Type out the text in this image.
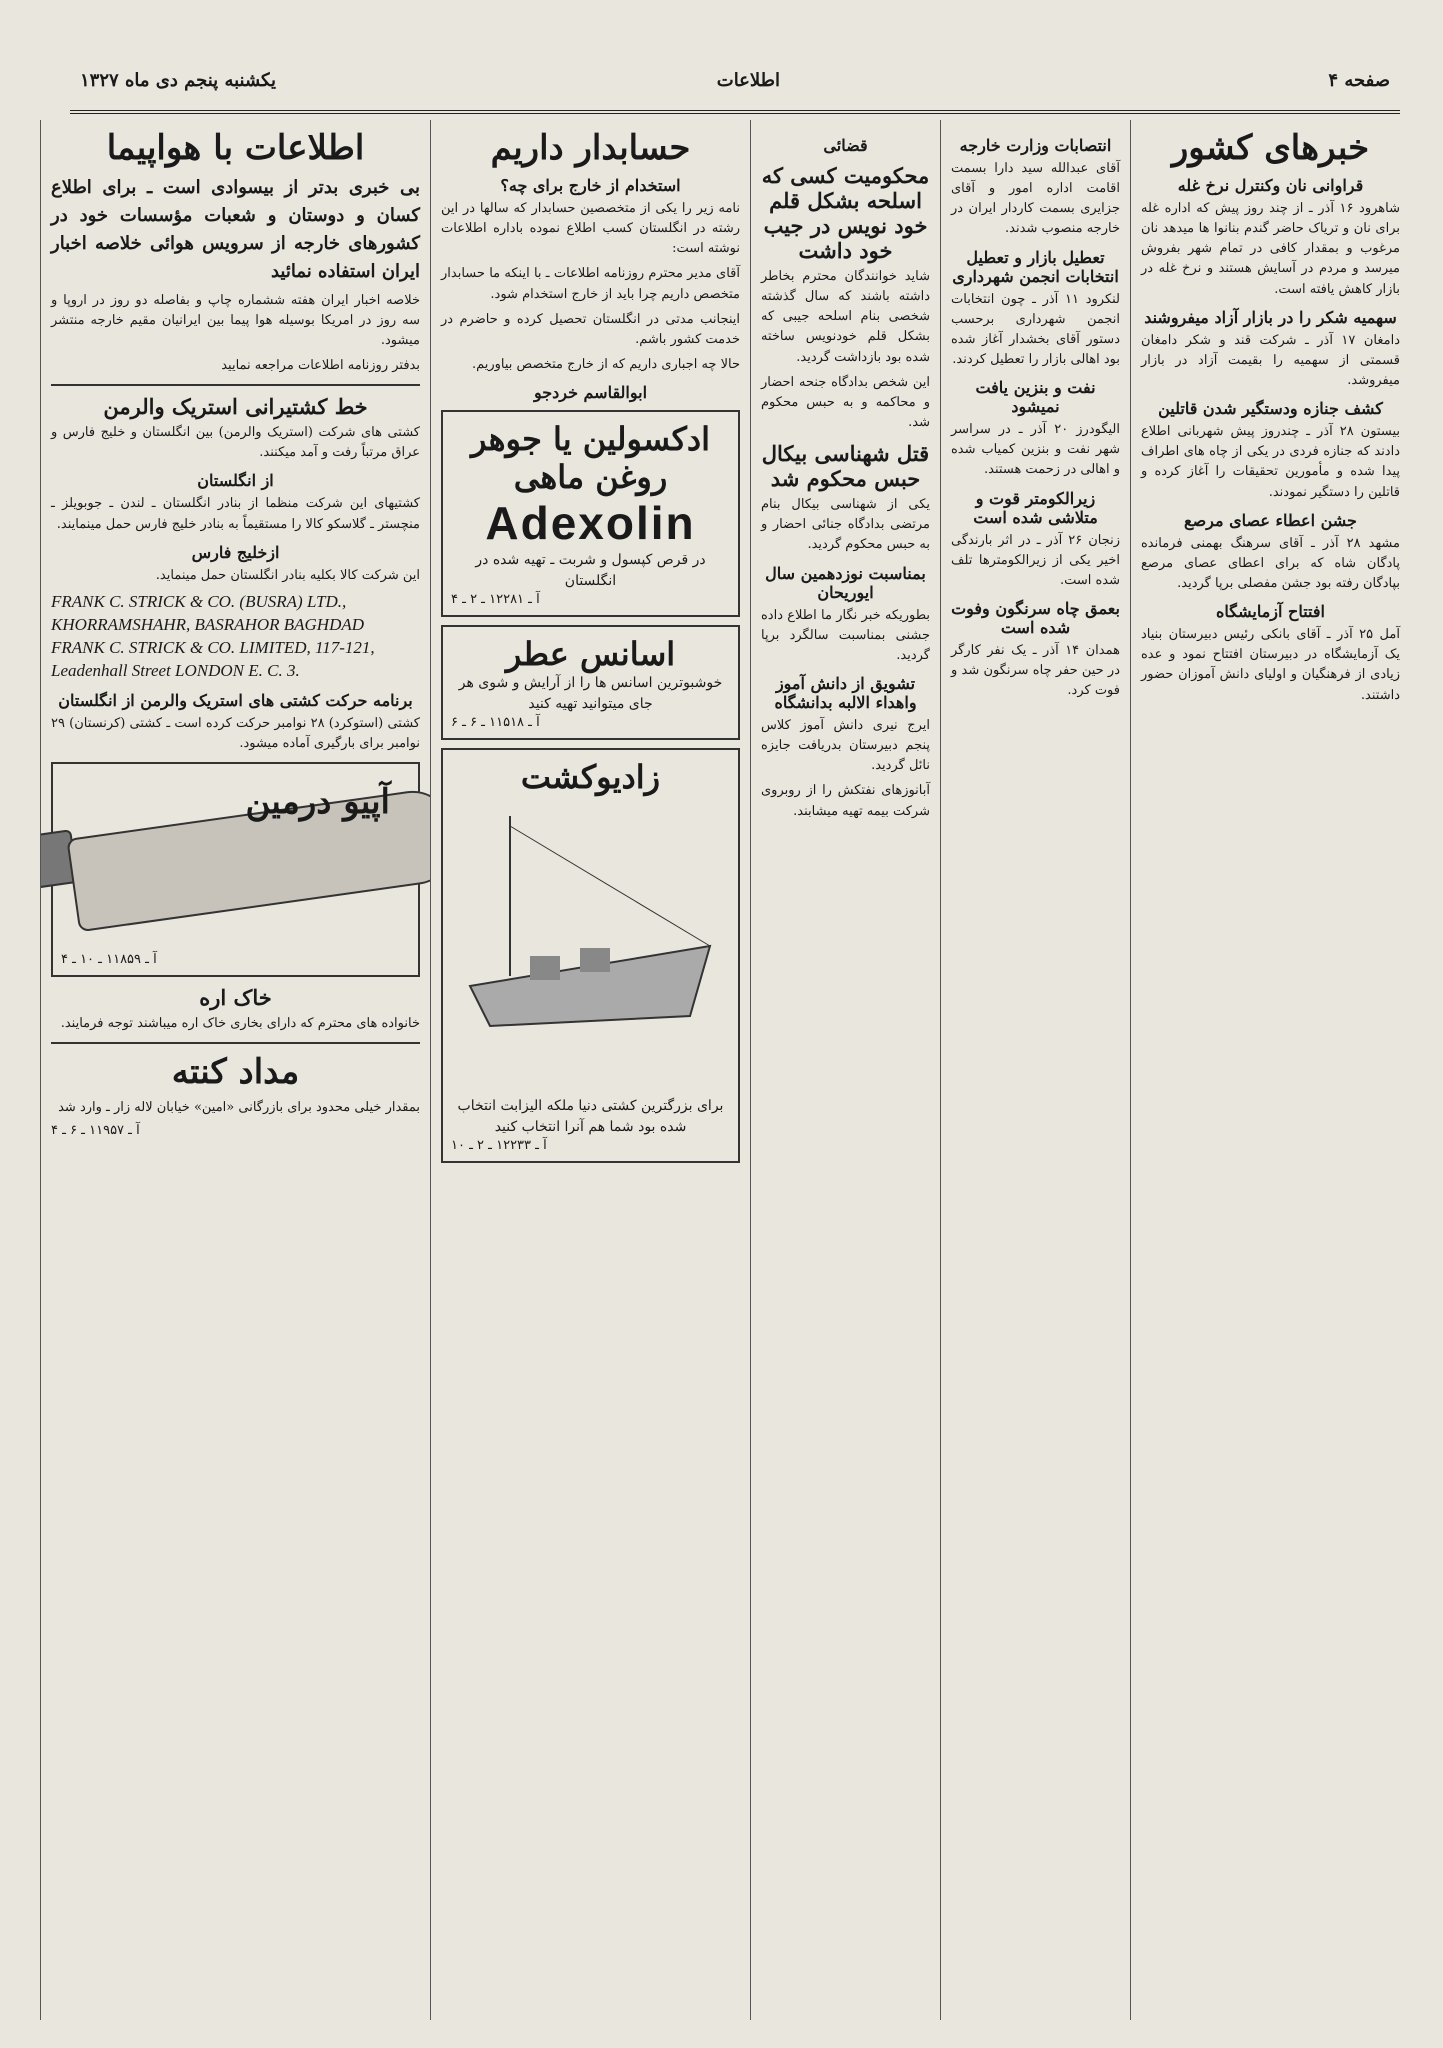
صفحه ۴
اطلاعات
یکشنبه پنجم دی ماه ۱۳۲۷
خبرهای کشور
قراوانی نان وکنترل نرخ غله

شاهرود ۱۶ آذر ـ از چند روز پیش که اداره غله برای نان و تریاک حاضر گندم بنانوا ها میدهد نان مرغوب و بمقدار کافی در تمام شهر بفروش میرسد و مردم در آسایش هستند و نرخ غله در بازار کاهش یافته است.

سهمیه شکر را در بازار آزاد میفروشند

دامغان ۱۷ آذر ـ شرکت قند و شکر دامغان قسمتی از سهمیه را بقیمت آزاد در بازار میفروشد.

کشف جنازه ودستگیر شدن قاتلین

بیستون ۲۸ آذر ـ چندروز پیش شهربانی اطلاع دادند که جنازه فردی در یکی از چاه های اطراف پیدا شده و مأمورین تحقیقات را آغاز کرده و قاتلین را دستگیر نمودند.

جشن اعطاء عصای مرصع

مشهد ۲۸ آذر ـ آقای سرهنگ بهمنی فرمانده پادگان شاه که برای اعطای عصای مرصع بپادگان رفته بود جشن مفصلی برپا گردید.

افتتاح آزمایشگاه

آمل ۲۵ آذر ـ آقای بانکی رئیس دبیرستان بنیاد یک آزمایشگاه در دبیرستان افتتاح نمود و عده زیادی از فرهنگیان و اولیای دانش آموزان حضور داشتند.

انتصابات وزارت خارجه

آقای عبدالله سید دارا بسمت اقامت اداره امور و آقای جزایری بسمت کاردار ایران در خارجه منصوب شدند.

تعطیل بازار و تعطیل انتخابات انجمن شهرداری

لنکرود ۱۱ آذر ـ چون انتخابات انجمن شهرداری برحسب دستور آقای بخشدار آغاز شده بود اهالی بازار را تعطیل کردند.

نفت و بنزین یافت نمیشود

الیگودرز ۲۰ آذر ـ در سراسر شهر نفت و بنزین کمیاب شده و اهالی در زحمت هستند.

زیرالکومتر قوت و متلاشی شده است

زنجان ۲۶ آذر ـ در اثر بارندگی اخیر یکی از زیرالکومترها تلف شده است.

بعمق چاه سرنگون وفوت شده است

همدان ۱۴ آذر ـ یک نفر کارگر در حین حفر چاه سرنگون شد و فوت کرد.

قضائی
محکومیت کسی که اسلحه بشکل قلم خود نویس در جیب خود داشت

شاید خوانندگان محترم بخاطر داشته باشند که سال گذشته شخصی بنام اسلحه جیبی که بشکل قلم خودنویس ساخته شده بود بازداشت گردید.

این شخص بدادگاه جنحه احضار و محاکمه و به حبس محکوم شد.

قتل شهناسی بیکال حبس محکوم شد

یکی از شهناسی بیکال بنام مرتضی بدادگاه جنائی احضار و به حبس محکوم گردید.

بمناسبت نوزدهمین سال ایوریحان

بطوریکه خبر نگار ما اطلاع داده جشنی بمناسبت سالگرد برپا گردید.

تشویق از دانش آموز واهداء الالبه بدانشگاه

ایرج نیری دانش آموز کلاس پنجم دبیرستان بدریافت جایزه نائل گردید.

آبانوزهای نفتکش را از روبروی شرکت بیمه تهیه میشابند.

حسابدار داریم
استخدام از خارج برای چه؟

نامه زیر را یکی از متخصصین حسابدار که سالها در این رشته در انگلستان کسب اطلاع نموده باداره اطلاعات نوشته است:

آقای مدیر محترم روزنامه اطلاعات ـ با اینکه ما حسابدار متخصص داریم چرا باید از خارج استخدام شود.

اینجانب مدتی در انگلستان تحصیل کرده و حاضرم در خدمت کشور باشم.

حالا چه اجباری داریم که از خارج متخصص بیاوریم.

ابوالقاسم خردجو
ادکسولین یا جوهر روغن ماهی
Adexolin
در قرص کپسول و شربت ـ تهیه شده در انگلستان
آ ـ ۱۲۲۸۱ ـ ۲ ـ ۴
اسانس عطر
خوشبوترین اسانس ها را از آرایش و شوی هر جای میتوانید تهیه کنید
آ ـ ۱۱۵۱۸ ـ ۶ ـ ۶
زادیوکشت
برای بزرگترین کشتی دنیا ملکه الیزابت انتخاب شده بود شما هم آنرا انتخاب کنید
آ ـ ۱۲۲۳۳ ـ ۲ ـ ۱۰
اطلاعات با هواپیما

بی خبری بدتر از بیسوادی است ـ برای اطلاع کسان و دوستان و شعبات مؤسسات خود در کشورهای خارجه از سرویس هوائی خلاصه اخبار ایران استفاده نمائید

خلاصه اخبار ایران هفته ششماره چاپ و بفاصله دو روز در اروپا و سه روز در امریکا بوسیله هوا پیما بین ایرانیان مقیم خارجه منتشر میشود.

بدفتر روزنامه اطلاعات مراجعه نمایید

خط کشتیرانی استریک والرمن

کشتی های شرکت (استریک والرمن) بین انگلستان و خلیج فارس و عراق مرتباً رفت و آمد میکنند.

از انگلستان

کشتیهای این شرکت منظما از بنادر انگلستان ـ لندن ـ جوبویلز ـ منچستر ـ گلاسکو کالا را مستقیماً به بنادر خلیج فارس حمل مینمایند.

ازخلیج فارس

این شرکت کالا بکلیه بنادر انگلستان حمل مینماید.

FRANK C. STRICK & CO. (BUSRA) LTD., KHORRAMSHAHR, BASRAHOR BAGHDAD FRANK C. STRICK & CO. LIMITED, 117-121, Leadenhall Street LONDON E. C. 3.

برنامه حرکت کشتی های استریک والرمن از انگلستان

کشتی (استوکرد) ۲۸ نوامبر حرکت کرده است ـ کشتی (کرنستان) ۲۹ نوامبر برای بارگیری آماده میشود.

آپیو درمین
آ ـ ۱۱۸۵۹ ـ ۱۰ ـ ۴
خاک اره

خانواده های محترم که دارای بخاری خاک اره میباشند توجه فرمایند.

مداد کنته

بمقدار خیلی محدود برای بازرگانی «امین» خیابان لاله زار ـ وارد شد

آ ـ ۱۱۹۵۷ ـ ۶ ـ ۴
